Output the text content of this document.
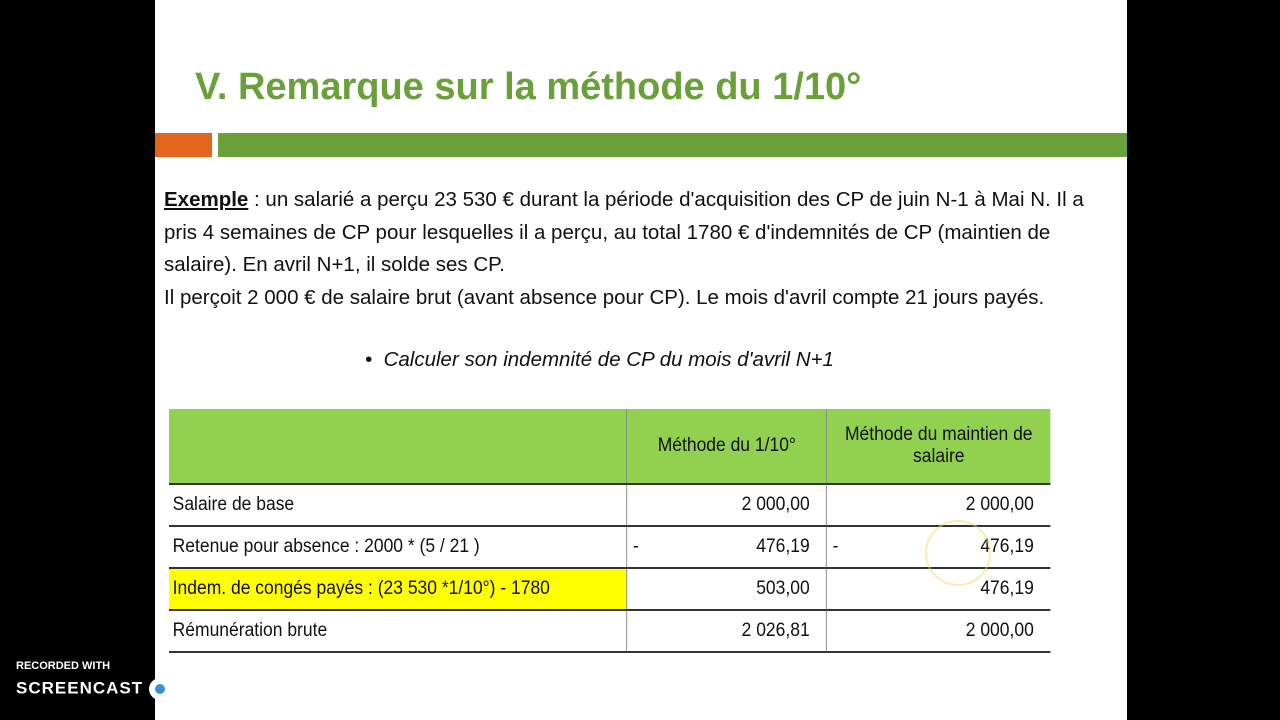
V. Remarque sur la méthode du 1/10°
Exemple : un salarié a perçu 23 530 € durant la période d'acquisition des CP de juin N-1 à Mai N. Il a pris 4 semaines de CP pour lesquelles il a perçu, au total 1780 € d'indemnités de CP (maintien de salaire). En avril N+1, il solde ses CP.
Il perçoit 2 000 € de salaire brut (avant absence pour CP). Le mois d'avril compte 21 jours payés.
•  Calculer son indemnité de CP du mois d'avril N+1
	Méthode du 1/10°	Méthode du maintien de salaire
Salaire de base	2 000,00	2 000,00
Retenue pour absence : 2000 * (5 / 21 )	- 476,19	- 476,19
Indem. de congés payés : (23 530 *1/10°) - 1780	503,00	476,19
Rémunération brute	2 026,81	2 000,00
RECORDED WITH
SCREENCAST MATIC
